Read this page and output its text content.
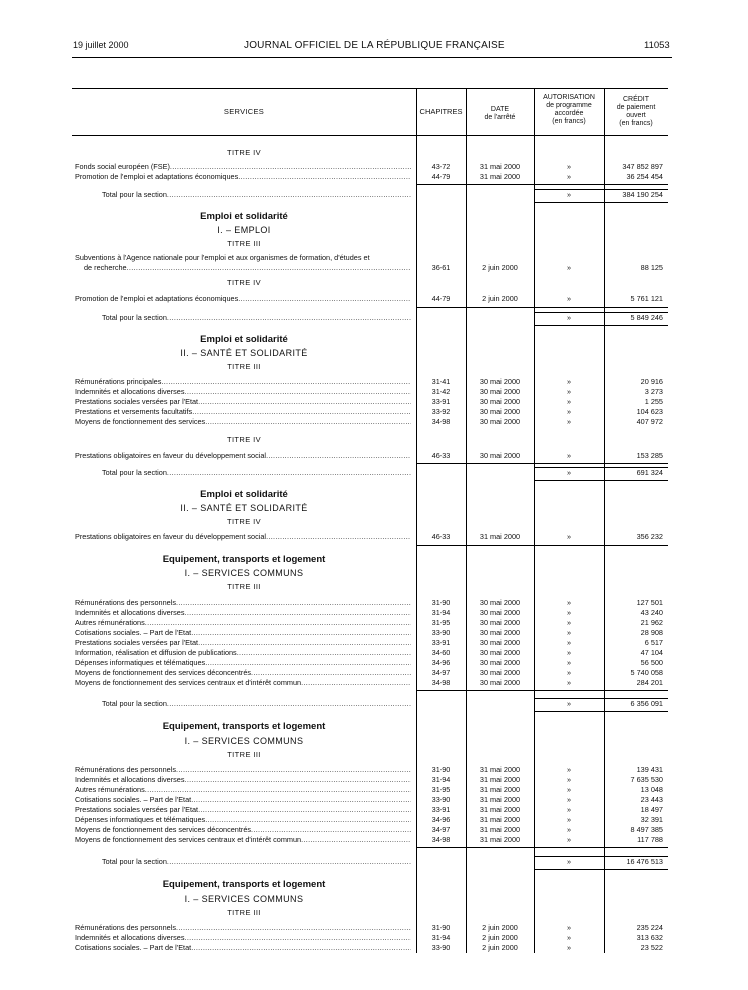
19 juillet 2000	JOURNAL OFFICIEL DE LA RÉPUBLIQUE FRANÇAISE	11053
SERVICES	CHAPITRES	DATE
de l'arrêté
AUTORISATION
de programme
accordée
(en francs)
CRÉDIT
de paiement
ouvert
(en francs)
TITRE IV
Fonds social européen (FSE) .....	43-72	31 mai 2000	»	347 852 897
Promotion de l'emploi et adaptations économiques .....	44-79	31 mai 2000	»	36 254 454
Total pour la section .....	»	384 190 254
Emploi et solidarité
I. – EMPLOI
TITRE III
Subventions à l'Agence nationale pour l'emploi et aux organismes de formation, d'études et
de recherche .....	36-61	2 juin 2000	»	88 125
TITRE IV
Promotion de l'emploi et adaptations économiques .....	44-79	2 juin 2000	»	5 761 121
Total pour la section .....	»	5 849 246
Emploi et solidarité
II. – SANTÉ ET SOLIDARITÉ
TITRE III
Rémunérations principales .....	31-41	30 mai 2000	»	20 916
Indemnités et allocations diverses .....	31-42	30 mai 2000	»	3 273
Prestations sociales versées par l'Etat .....	33-91	30 mai 2000	»	1 255
Prestations et versements facultatifs .....	33-92	30 mai 2000	»	104 623
Moyens de fonctionnement des services .....	34-98	30 mai 2000	»	407 972
TITRE IV
Prestations obligatoires en faveur du développement social .....	46-33	30 mai 2000	»	153 285
Total pour la section .....	»	691 324
Emploi et solidarité
II. – SANTÉ ET SOLIDARITÉ
TITRE IV
Prestations obligatoires en faveur du développement social .....	46-33	31 mai 2000	»	356 232
Equipement, transports et logement
I. – SERVICES COMMUNS
TITRE III
Rémunérations des personnels .....	31-90	30 mai 2000	»	127 501
Indemnités et allocations diverses .....	31-94	30 mai 2000	»	43 240
Autres rémunérations .....	31-95	30 mai 2000	»	21 962
Cotisations sociales. – Part de l'Etat .....	33-90	30 mai 2000	»	28 908
Prestations sociales versées par l'Etat .....	33-91	30 mai 2000	»	6 517
Information, réalisation et diffusion de publications .....	34-60	30 mai 2000	»	47 104
Dépenses informatiques et télématiques .....	34-96	30 mai 2000	»	56 500
Moyens de fonctionnement des services déconcentrés .....	34-97	30 mai 2000	»	5 740 058
Moyens de fonctionnement des services centraux et d'intérêt commun .....	34-98	30 mai 2000	»	284 201
Total pour la section .....	»	6 356 091
Equipement, transports et logement
I. – SERVICES COMMUNS
TITRE III
Rémunérations des personnels .....	31-90	31 mai 2000	»	139 431
Indemnités et allocations diverses .....	31-94	31 mai 2000	»	7 635 530
Autres rémunérations .....	31-95	31 mai 2000	»	13 048
Cotisations sociales. – Part de l'Etat .....	33-90	31 mai 2000	»	23 443
Prestations sociales versées par l'Etat .....	33-91	31 mai 2000	»	18 497
Dépenses informatiques et télématiques .....	34-96	31 mai 2000	»	32 391
Moyens de fonctionnement des services déconcentrés .....	34-97	31 mai 2000	»	8 497 385
Moyens de fonctionnement des services centraux et d'intérêt commun .....	34-98	31 mai 2000	»	117 788
Total pour la section .....	»	16 476 513
Equipement, transports et logement
I. – SERVICES COMMUNS
TITRE III
Rémunérations des personnels .....	31-90	2 juin 2000	»	235 224
Indemnités et allocations diverses .....	31-94	2 juin 2000	»	313 632
Cotisations sociales. – Part de l'Etat .....	33-90	2 juin 2000	»	23 522
